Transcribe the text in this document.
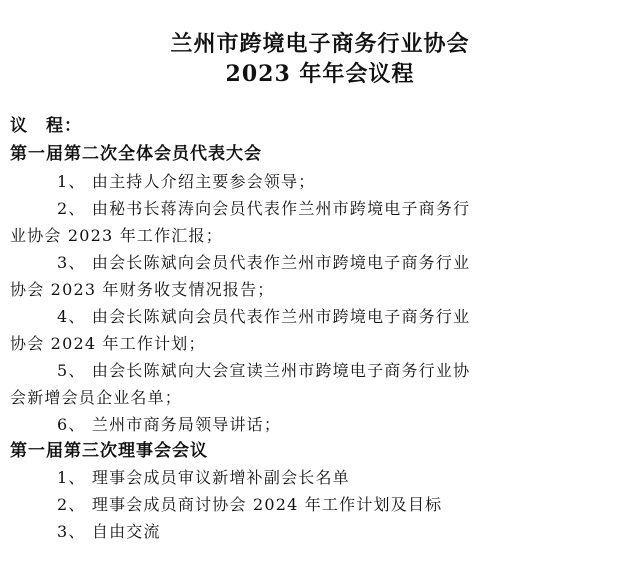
兰州市跨境电子商务行业协会
2023 年年会议程
议　程：
第一届第二次全体会员代表大会
1、 由主持人介绍主要参会领导；
2、 由秘书长蒋涛向会员代表作兰州市跨境电子商务行
业协会 2023 年工作汇报；
3、 由会长陈斌向会员代表作兰州市跨境电子商务行业
协会 2023 年财务收支情况报告；
4、 由会长陈斌向会员代表作兰州市跨境电子商务行业
协会 2024 年工作计划；
5、 由会长陈斌向大会宣读兰州市跨境电子商务行业协
会新增会员企业名单；
6、 兰州市商务局领导讲话；
第一届第三次理事会会议
1、 理事会成员审议新增补副会长名单
2、 理事会成员商讨协会 2024 年工作计划及目标
3、 自由交流
